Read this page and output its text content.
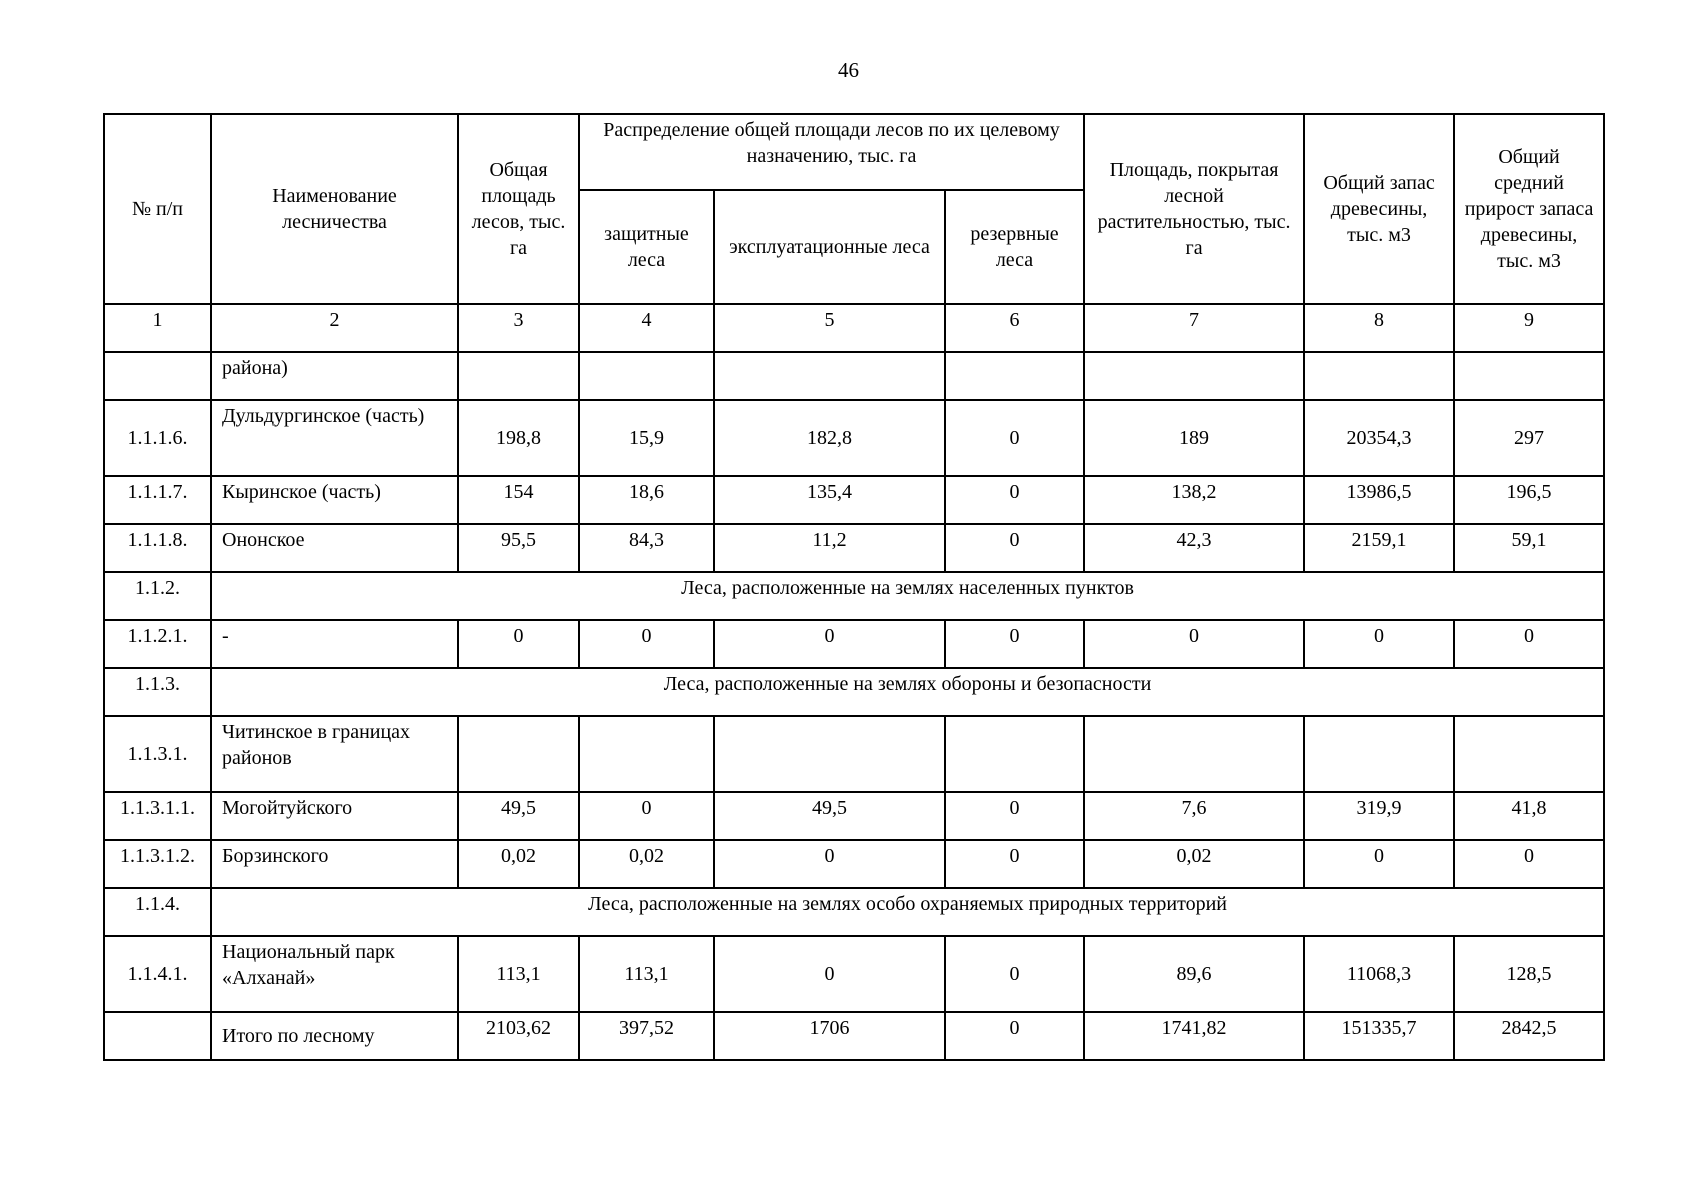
46
№ п/п	Наименование лесничества	Общая площадь лесов, тыс. га	Распределение общей площади лесов по их целевому назначению, тыс. га			Площадь, покрытая лесной растительностью, тыс. га	Общий запас древесины, тыс. м3	Общий средний прирост запаса древесины, тыс. м3
			защитные леса	эксплуатационные леса	резервные леса			
1	2	3	4	5	6	7	8	9
	района)							
1.1.1.6.	Дульдургинское (часть)	198,8	15,9	182,8	0	189	20354,3	297
1.1.1.7.	Кыринское (часть)	154	18,6	135,4	0	138,2	13986,5	196,5
1.1.1.8.	Ононское	95,5	84,3	11,2	0	42,3	2159,1	59,1
1.1.2.	Леса, расположенные на землях населенных пунктов							
1.1.2.1.	-	0	0	0	0	0	0	0
1.1.3.	Леса, расположенные на землях обороны и безопасности							
1.1.3.1.	Читинское в границах районов							
1.1.3.1.1.	Могойтуйского	49,5	0	49,5	0	7,6	319,9	41,8
1.1.3.1.2.	Борзинского	0,02	0,02	0	0	0,02	0	0
1.1.4.	Леса, расположенные на землях особо охраняемых природных территорий							
1.1.4.1.	Национальный парк «Алханай»	113,1	113,1	0	0	89,6	11068,3	128,5
	Итого по лесному	2103,62	397,52	1706	0	1741,82	151335,7	2842,5
